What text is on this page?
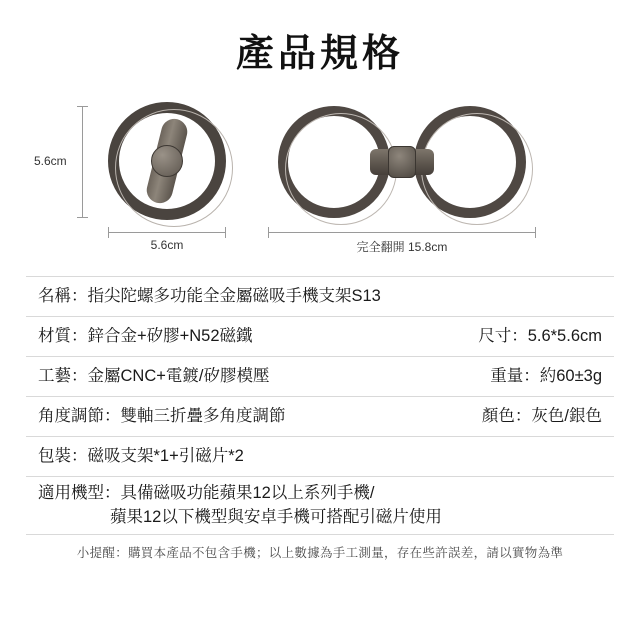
產品規格
5.6cm
5.6cm	完全翻開 15.8cm
名稱：指尖陀螺多功能全金屬磁吸手機支架S13
材質：鋅合金+矽膠+N52磁鐵	尺寸：5.6*5.6cm
工藝：金屬CNC+電鍍/矽膠模壓	重量：約60±3g
角度調節：雙軸三折疊多角度調節	顏色：灰色/銀色
包裝：磁吸支架*1+引磁片*2
適用機型：具備磁吸功能蘋果12以上系列手機/
蘋果12以下機型與安卓手機可搭配引磁片使用
小提醒：購買本產品不包含手機；以上數據為手工測量，存在些許誤差，請以實物為準
